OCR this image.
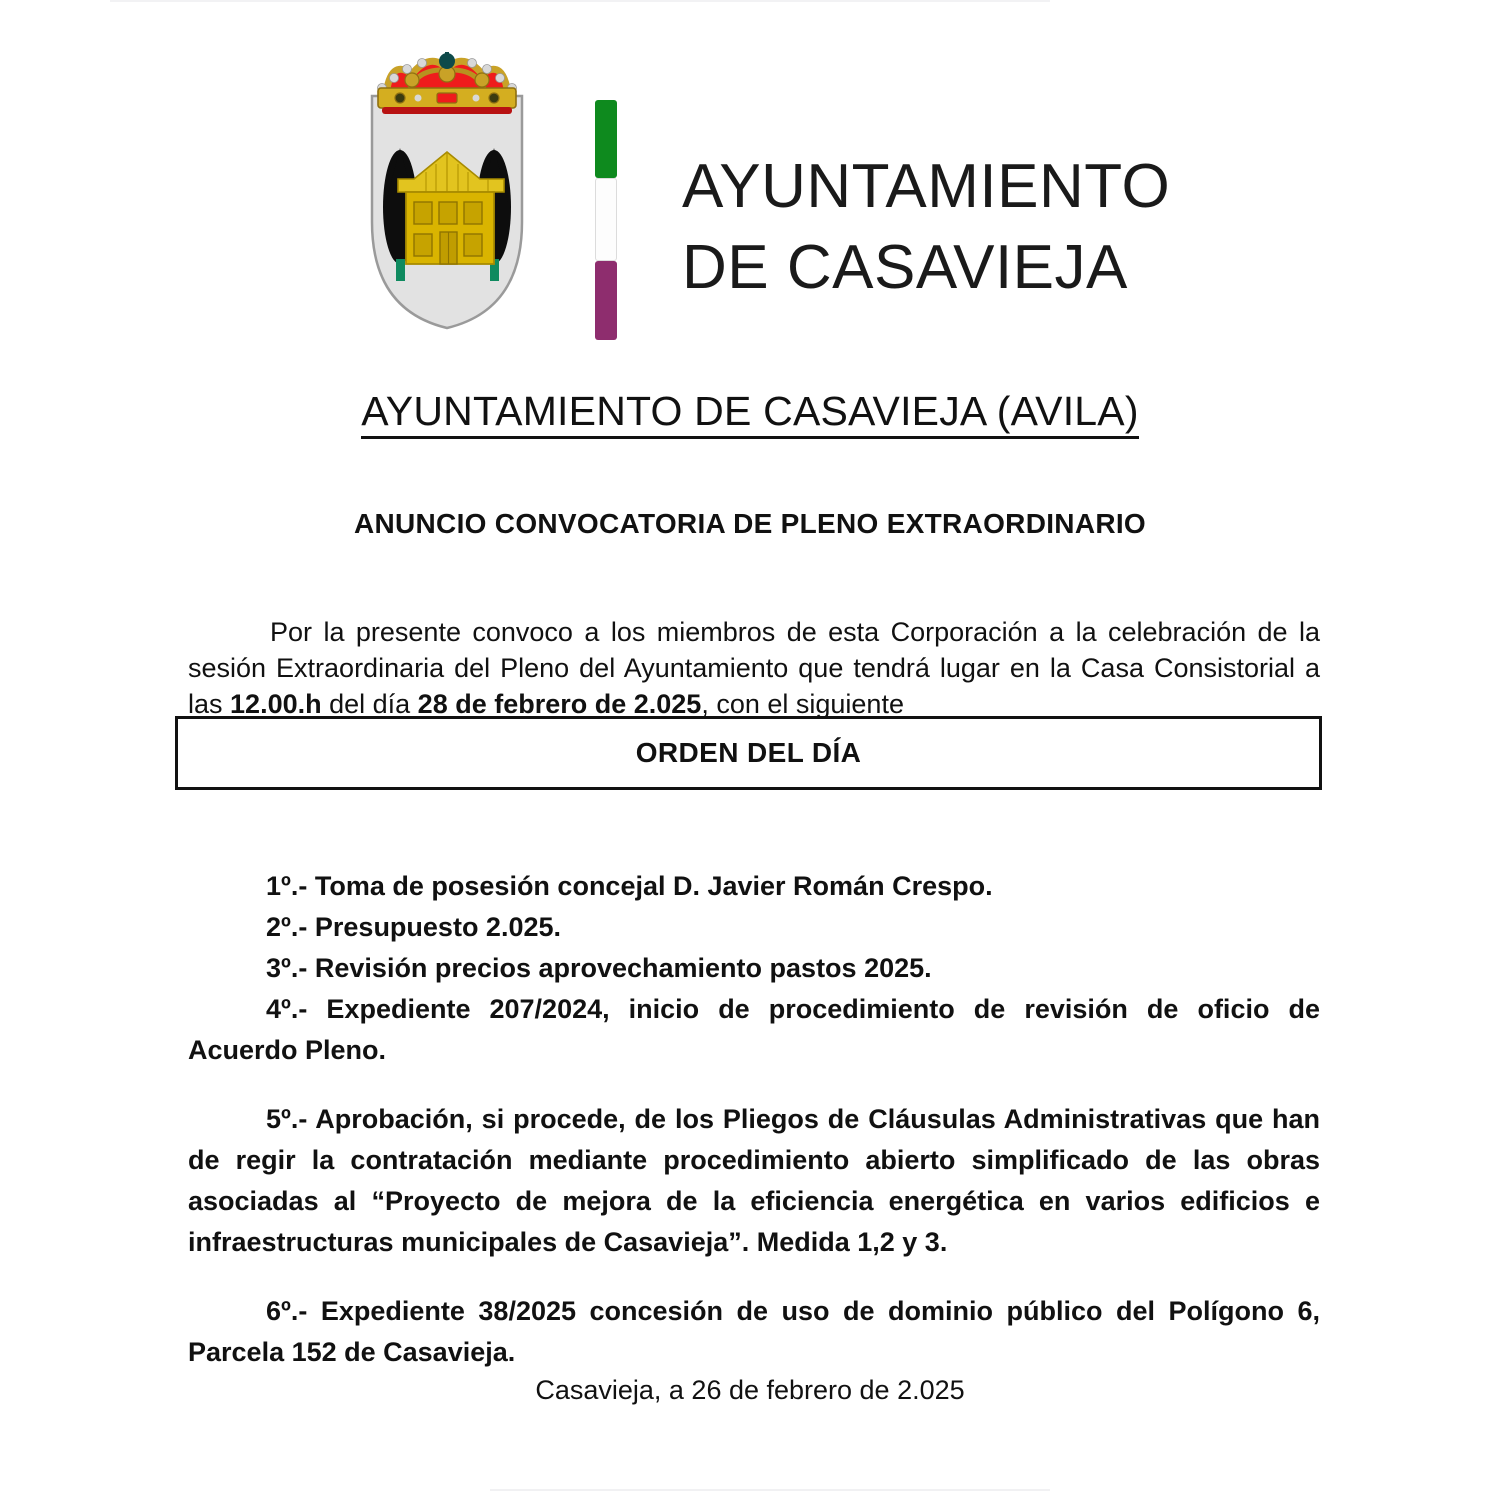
AYUNTAMIENTO
DE CASAVIEJA
AYUNTAMIENTO DE CASAVIEJA (AVILA)
ANUNCIO CONVOCATORIA DE PLENO EXTRAORDINARIO
Por la presente convoco a los miembros de esta Corporación a la celebración de la sesión Extraordinaria del Pleno del Ayuntamiento que tendrá lugar en la Casa Consistorial a las 12.00.h del día 28 de febrero de 2.025, con el siguiente
ORDEN DEL DÍA

1º.- Toma de posesión concejal D. Javier Román Crespo.

2º.- Presupuesto 2.025.

3º.- Revisión precios aprovechamiento pastos 2025.

4º.- Expediente 207/2024, inicio de procedimiento de revisión de oficio de Acuerdo Pleno.

5º.- Aprobación, si procede, de los Pliegos de Cláusulas Administrativas que han de regir la contratación mediante procedimiento abierto simplificado de las obras asociadas al “Proyecto de mejora de la eficiencia energética en varios edificios e infraestructuras municipales de Casavieja”. Medida 1,2 y 3.

6º.- Expediente 38/2025 concesión de uso de dominio público del Polígono 6, Parcela 152 de Casavieja.

Casavieja, a 26 de febrero de 2.025
